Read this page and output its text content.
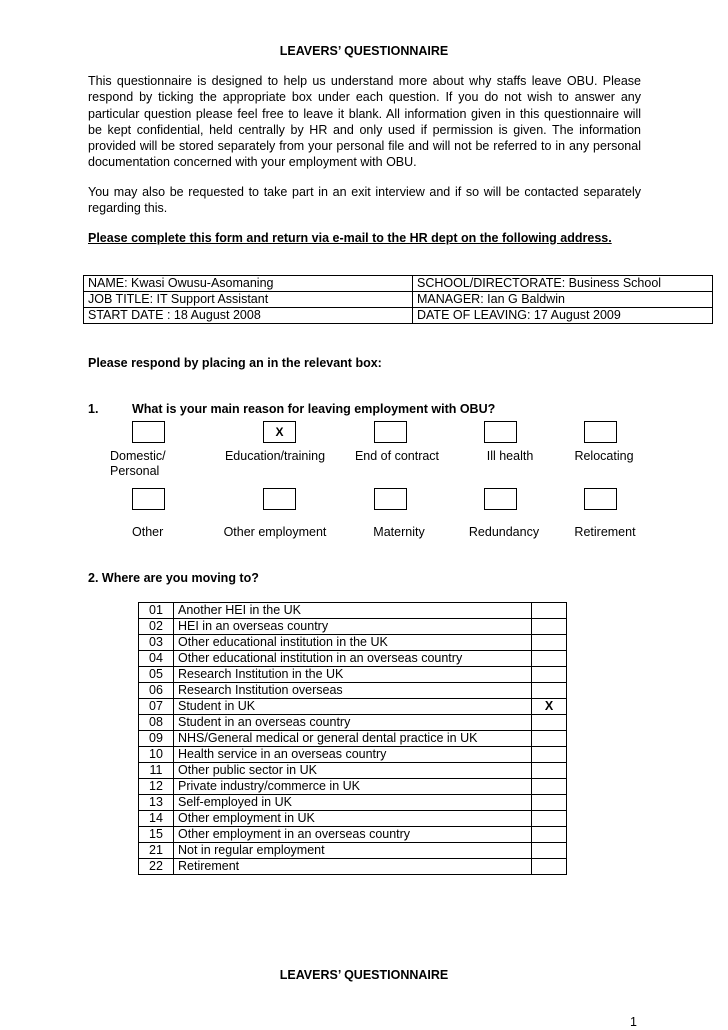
LEAVERS’ QUESTIONNAIRE

This questionnaire is designed to help us understand more about why staffs leave OBU. Please respond by ticking the appropriate box under each question. If you do not wish to answer any particular question please feel free to leave it blank. All information given in this questionnaire will be kept confidential, held centrally by HR and only used if permission is given. The information provided will be stored separately from your personal file and will not be referred to in any personal documentation concerned with your employment with OBU.

You may also be requested to take part in an exit interview and if so will be contacted separately regarding this.

Please complete this form and return via e-mail to the HR dept on the following address.

NAME: Kwasi Owusu-Asomaning	SCHOOL/DIRECTORATE: Business School
JOB TITLE: IT Support Assistant	MANAGER: Ian G Baldwin
START DATE : 18 August 2008	DATE OF LEAVING: 17 August 2009
Please respond by placing an in the relevant box:
1.	What is your main reason for leaving employment with OBU?
X
Domestic/
Personal
Education/training	End of contract	Ill health	Relocating
Other	Other employment	Maternity	Redundancy	Retirement
2. Where are you moving to?
01	Another HEI in the UK	
02	HEI in an overseas country	
03	Other educational institution in the UK	
04	Other educational institution in an overseas country	
05	Research Institution in the UK	
06	Research Institution overseas	
07	Student in UK	X
08	Student in an overseas country	
09	NHS/General medical or general dental practice in UK	
10	Health service in an overseas country	
11	Other public sector in UK	
12	Private industry/commerce in UK	
13	Self-employed in UK	
14	Other employment in UK	
15	Other employment in an overseas country	
21	Not in regular employment	
22	Retirement	
LEAVERS’ QUESTIONNAIRE
1
